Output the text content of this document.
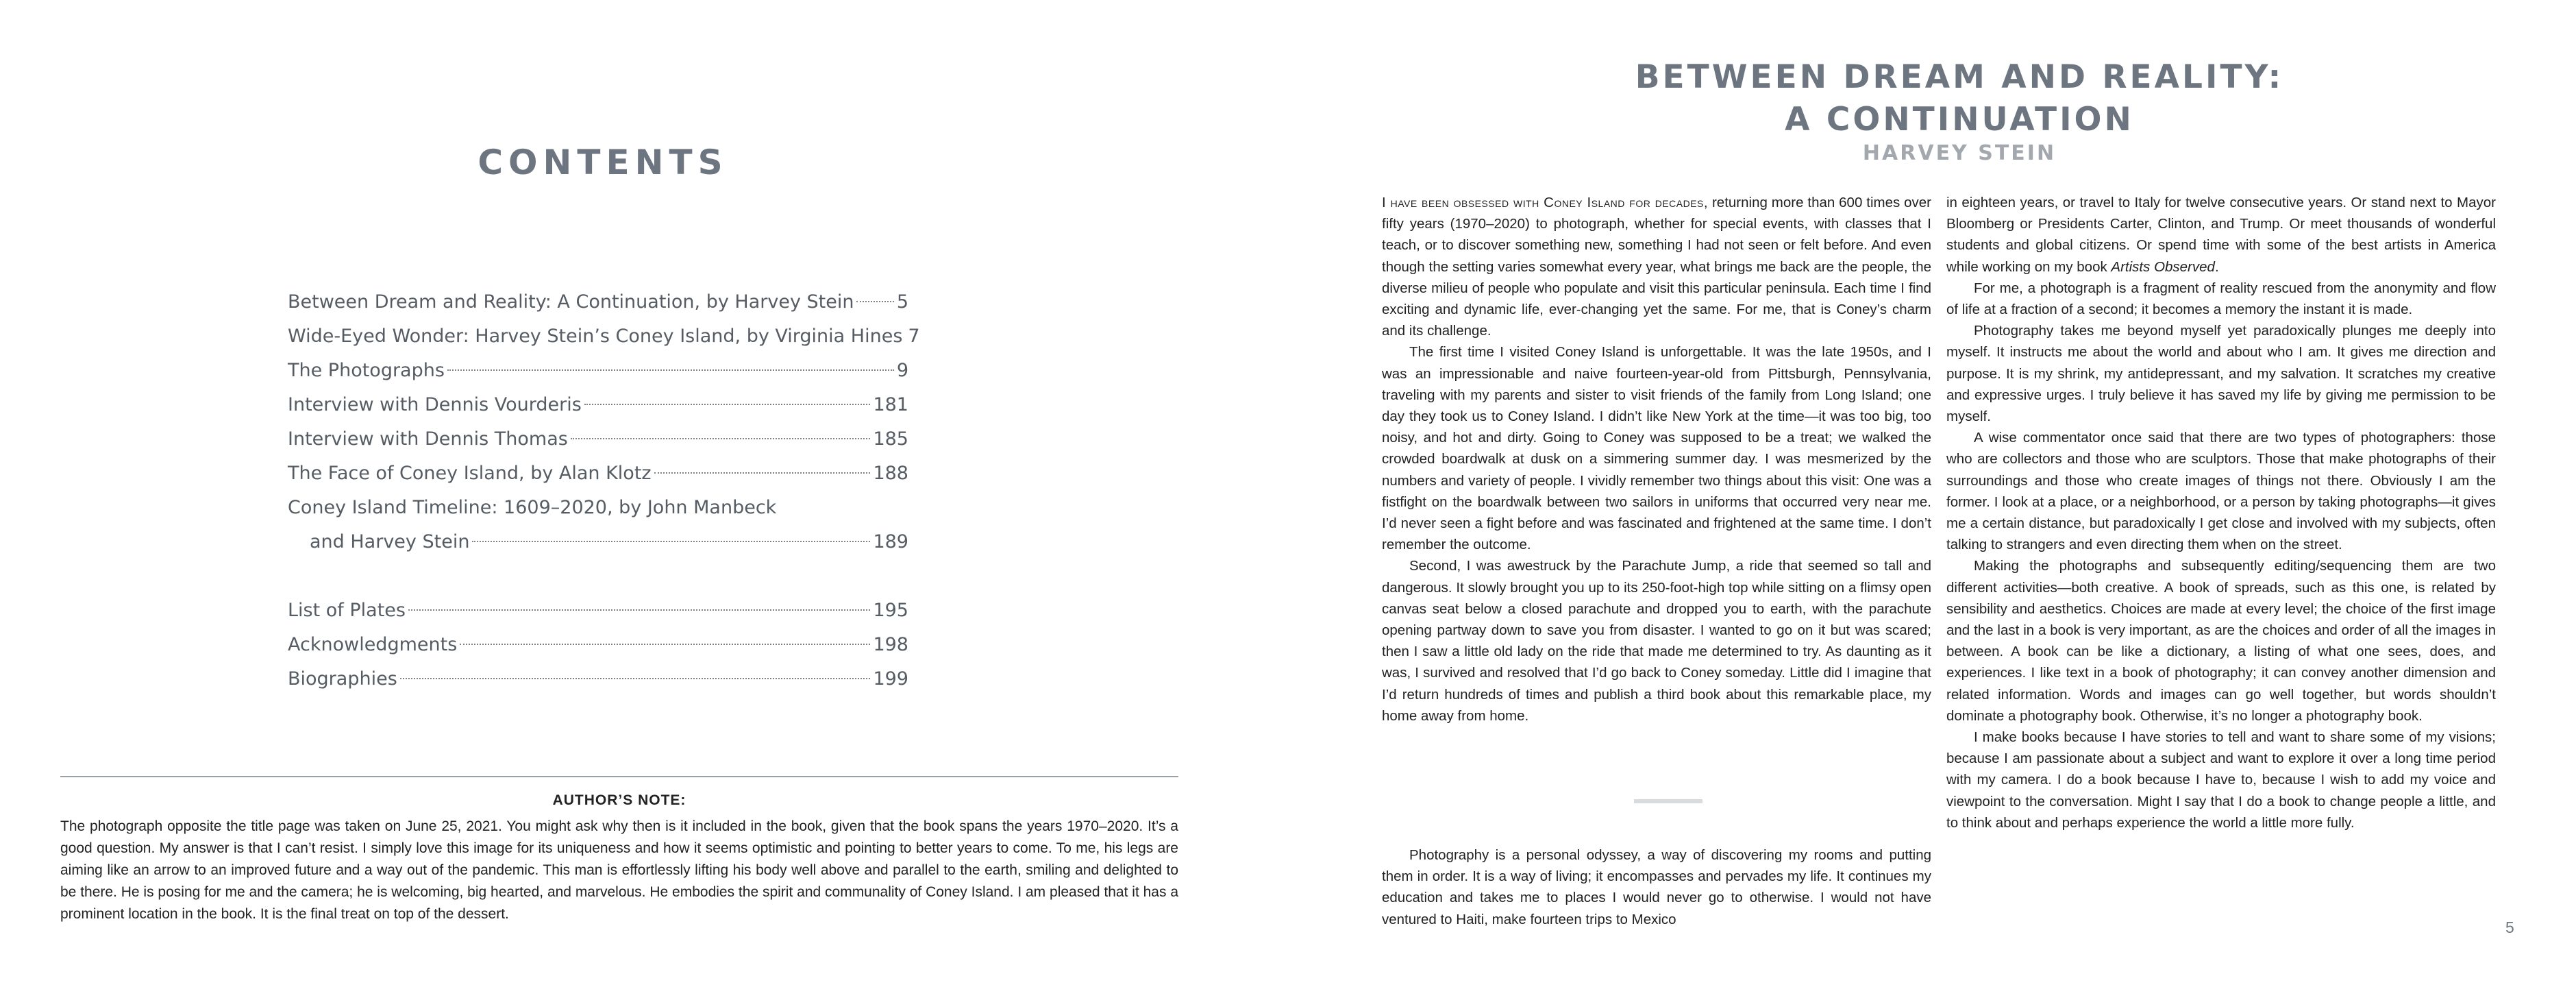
CONTENTS
Between Dream and Reality: A Continuation, by Harvey Stein 5
Wide-Eyed Wonder: Harvey Stein’s Coney Island, by Virginia Hines 7
The Photographs	9
Interview with Dennis Vourderis	181
Interview with Dennis Thomas	185
The Face of Coney Island, by Alan Klotz	188
Coney Island Timeline: 1609–2020, by John Manbeck
and Harvey Stein	189
List of Plates	195
Acknowledgments	198
Biographies	199

AUTHOR’S NOTE:

The photograph opposite the title page was taken on June 25, 2021. You might ask why then is it included in the book, given that the book spans the years 1970–2020. It’s a good question. My answer is that I can’t resist. I simply love this image for its uniqueness and how it seems optimistic and pointing to better years to come. To me, his legs are aiming like an arrow to an improved future and a way out of the pandemic. This man is effortlessly lifting his body well above and parallel to the earth, smiling and delighted to be there. He is posing for me and the camera; he is welcoming, big hearted, and marvelous. He embodies the spirit and communality of Coney Island. I am pleased that it has a prominent location in the book. It is the final treat on top of the dessert.

BETWEEN DREAM AND REALITY:
A CONTINUATION
HARVEY STEIN

I have been obsessed with Coney Island for decades, returning more than 600 times over fifty years (1970–2020) to photograph, whether for special events, with classes that I teach, or to discover something new, something I had not seen or felt before. And even though the setting varies somewhat every year, what brings me back are the people, the diverse milieu of people who populate and visit this particular peninsula. Each time I find exciting and dynamic life, ever-changing yet the same. For me, that is Coney’s charm and its challenge.

The first time I visited Coney Island is unforgettable. It was the late 1950s, and I was an impressionable and naive fourteen-year-old from Pittsburgh, Pennsylvania, traveling with my parents and sister to visit friends of the family from Long Island; one day they took us to Coney Island. I didn’t like New York at the time—it was too big, too noisy, and hot and dirty. Going to Coney was supposed to be a treat; we walked the crowded boardwalk at dusk on a simmering summer day. I was mesmerized by the numbers and variety of people. I vividly remember two things about this visit: One was a fistfight on the boardwalk between two sailors in uniforms that occurred very near me. I’d never seen a fight before and was fascinated and frightened at the same time. I don’t remember the outcome.

Second, I was awestruck by the Parachute Jump, a ride that seemed so tall and dangerous. It slowly brought you up to its 250-foot-high top while sitting on a flimsy open canvas seat below a closed parachute and dropped you to earth, with the parachute opening partway down to save you from disaster. I wanted to go on it but was scared; then I saw a little old lady on the ride that made me determined to try. As daunting as it was, I survived and resolved that I’d go back to Coney someday. Little did I imagine that I’d return hundreds of times and publish a third book about this remarkable place, my home away from home.

Photography is a personal odyssey, a way of discovering my rooms and putting them in order. It is a way of living; it encompasses and pervades my life. It continues my education and takes me to places I would never go to otherwise. I would not have ventured to Haiti, make fourteen trips to Mexico

in eighteen years, or travel to Italy for twelve consecutive years. Or stand next to Mayor Bloomberg or Presidents Carter, Clinton, and Trump. Or meet thousands of wonderful students and global citizens. Or spend time with some of the best artists in America while working on my book Artists Observed.

For me, a photograph is a fragment of reality rescued from the anonymity and flow of life at a fraction of a second; it becomes a memory the instant it is made.

Photography takes me beyond myself yet paradoxically plunges me deeply into myself. It instructs me about the world and about who I am. It gives me direction and purpose. It is my shrink, my antidepressant, and my salvation. It scratches my creative and expressive urges. I truly believe it has saved my life by giving me permission to be myself.

A wise commentator once said that there are two types of photographers: those who are collectors and those who are sculptors. Those that make photographs of their surroundings and those who create images of things not there. Obviously I am the former. I look at a place, or a neighborhood, or a person by taking photographs—it gives me a certain distance, but paradoxically I get close and involved with my subjects, often talking to strangers and even directing them when on the street.

Making the photographs and subsequently editing/sequencing them are two different activities—both creative. A book of spreads, such as this one, is related by sensibility and aesthetics. Choices are made at every level; the choice of the first image and the last in a book is very important, as are the choices and order of all the images in between. A book can be like a dictionary, a listing of what one sees, does, and experiences. I like text in a book of photography; it can convey another dimension and related information. Words and images can go well together, but words shouldn’t dominate a photography book. Otherwise, it’s no longer a photography book.

I make books because I have stories to tell and want to share some of my visions; because I am passionate about a subject and want to explore it over a long time period with my camera. I do a book because I have to, because I wish to add my voice and viewpoint to the conversation. Might I say that I do a book to change people a little, and to think about and perhaps experience the world a little more fully.

5
